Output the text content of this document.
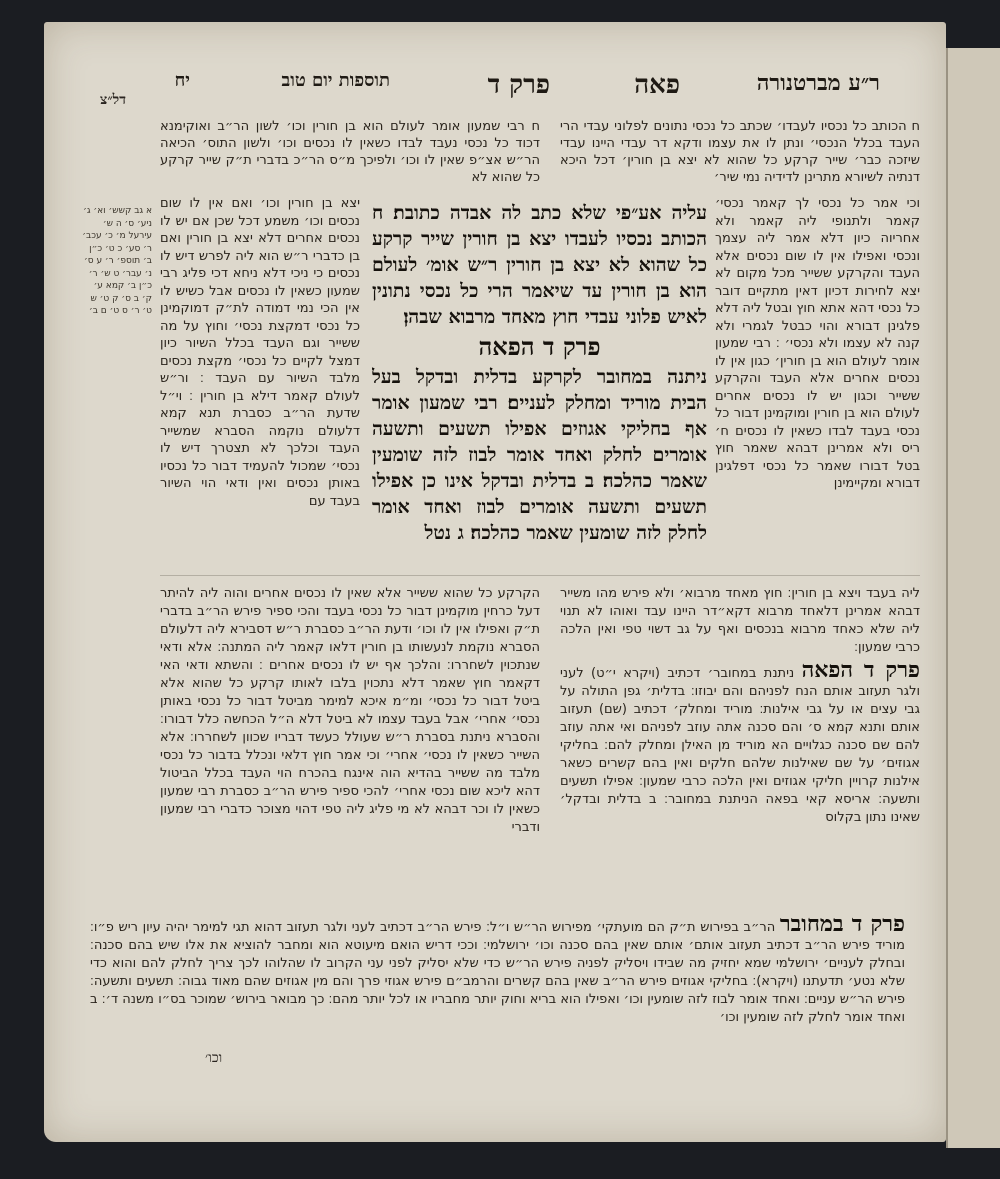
ר״ע מברטנורה
פאה
פרק ד
תוספות יום טוב
יח
דל״צ
ח הכותב כל נכסיו לעבדו׳ שכתב כל נכסי נתונים לפלוני עבדי הרי העבד בכלל הנכסי׳ ונתן לו את עצמו ודקא דר עבדי היינו עבדי שיזכה כבר׳ שייר קרקע כל שהוא לא יצא בן חורין׳ דכל היכא דנתיה לשיורא מתרינן לדידיה נמי שיר׳
ח רבי שמעון אומר לעולם הוא בן חורין וכו׳ לשון הר״ב ואוקימנא דכוד כל נכסי נעבד לבדו כשאין לו נכסים וכו׳ ולשון התוס׳ הכיאה הר״ש אצ״פ שאין לו וכו׳ ולפיכך מ״ס הר״כ בדברי ת״ק שייר קרקע כל שהוא לא
וכי אמר כל נכסי לך קאמר נכסי׳ קאמר ולתנופי ליה קאמר ולא אחריוה כיון דלא אמר ליה עצמך ונכסי ואפילו אין לו שום נכסים אלא העבד והקרקע ששייר מכל מקום לא יצא לחירות דכיון דאין מתקיים דובר כל נכסי דהא אתא חוץ ובטל ליה דלא פלגינן דבורא והוי כבטל לגמרי ולא קנה לא עצמו ולא נכסי׳ ׃ רבי שמעון אומר לעולם הוא בן חורין׳ כגון אין לו נכסים אחרים אלא העבד והקרקע ששייר וכגון יש לו נכסים אחרים לעולם הוא בן חורין ומוקמינן דבור כל נכסי בעבד לבדו כשאין לו נכסים ח׳ ריס ולא אמרינן דבהא שאמר חוץ בטל דבורו שאמר כל נכסי דפלגינן דבורא ומקיימינן
עליה אע״פי שלא כתב לה אבדה כתובת׃ ח הכותב נכסיו לעבדו יצא בן חורין שייר קרקע כל שהוא לא יצא בן חורין ר״ש אומ׳ לעולם הוא בן חורין עד שיאמר הרי כל נכסי נתונין לאיש פלוני עבדי חוץ מאחד מרבוא שבהן׃
פרק ד הפאה
ניתנה במחובר לקרקע בדלית ובדקל בעל הבית מוריד ומחלק לעניים׃ רבי שמעון אומר אף בחליקי אגוזים אפילו תשעים ותשעה אומרים לחלק ואחד אומר לבוז לזה שומעין שאמר כהלכה׃ ב בדלית ובדקל אינו כן אפילו תשעים ותשעה אומרים לבוז ואחד אומר לחלק לזה שומעין שאמר כהלכה׃ ג נטל
יצא בן חורין וכו׳ ואם אין לו שום נכסים וכו׳ משמע דכל שכן אם יש לו נכסים אחרים דלא יצא בן חורין ואם בן כדברי ר״ש הוא ליה לפרש דיש לו נכסים כי ניכי דלא ניחא דכי פליג רבי שמעון כשאין לו נכסים אבל כשיש לו אין הכי נמי דמודה לת״ק דמוקמינן כל נכסי דמקצת נכסי׳ וחוץ על מה ששייר וגם העבד בכלל השיור כיון דמצל לקיים כל נכסי׳ מקצת נכסים מלבד השיור עם העבד ׃ ור״ש לעולם קאמר דילא בן חורין ׃ וי״ל שדעת הר״ב כסברת תנא קמא דלעולם נוקמה הסברא שמשייר העבד וכלכך לא תצטרך דיש לו נכסי׳ שמכול להעמיד דבור כל נכסיו באותן נכסים ואין ודאי הוי השיור בעבד עם
א גב קשש׳ וא׳ ג׳ ניע׳ ס׳ ה ש׳ עירעל מ׳ כ׳ עכב׳ ר׳ סע׳ כ ט׳ כ״ן ב׳ תוספ׳ ר׳ ע ס׳ נ׳ עבר׳ ט ש׳ ר׳ כ״ן ב׳ קמא ע׳ ק׳ ב ס׳ ק ט׳ ש ט׳ ר׳ ס ט׳ ם ב׳

ליה בעבד ויצא בן חורין׃ חוץ מאחד מרבוא׳ ולא פירש מהו משייר דבהא אמרינן דלאחד מרבוא דקא״דר היינו עבד ואוהו לא תנוי ליה שלא כאחד מרבוא בנכסים ואף על גב דשוי טפי ואין הלכה כרבי שמעון׃

פרק ד הפאה ניתנת במחובר׳ דכתיב (ויקרא י״ט) לעני ולגר תעזוב אותם הנח לפניהם והם יבוזו׃ בדלית׳ גפן התולה על גבי עצים או על גבי אילנות׃ מוריד ומחלק׳ דכתיב (שם) תעזוב אותם ותנא קמא ס׳ והם סכנה אתה עוזב לפניהם ואי אתה עוזב להם שם סכנה כגלויים הא מוריד מן האילן ומחלק להם׃ בחליקי אגוזים׳ על שם שאילנות שלהם חלקים ואין בהם קשרים כשאר אילנות קרויין חליקי אגוזים ואין הלכה כרבי שמעון׃ אפילו תשעים ותשעה׃ אריסא קאי בפאה הניתנת במחובר׃ ב בדלית ובדקל׳ שאינו נתון בקלוס

הקרקע כל שהוא ששייר אלא שאין לו נכסים אחרים והוה ליה להיתר דעל כרחין מוקמינן דבור כל נכסי בעבד והכי ספיר פירש הר״ב בדברי ת״ק ואפילו אין לו וכו׳ ודעת הר״ב כסברת ר״ש דסבירא ליה דלעולם הסברא נוקמת לנעשותו בן חורין דלאו קאמר ליה המתנה׃ אלא ודאי שנתכוין לשחררו׃ והלכך אף יש לו נכסים אחרים ׃ והשתא ודאי האי דקאמר חוץ שאמר דלא נתכוין בלבו לאותו קרקע כל שהוא אלא ביטל דבור כל נכסי׳ ומ״מ איכא למימר מביטל דבור כל נכסי באותן נכסי׳ אחרי׳ אבל בעבד עצמו לא ביטל דלא ה״ל הכחשה כלל דבורו׃ והסברא ניתנת בסברת ר״ש שעולל כעשד דבריו שכוון לשחררו׃ אלא השייר כשאין לו נכסי׳ אחרי׳ וכי אמר חוץ דלאי ונכלל בדבור כל נכסי מלבד מה ששייר בהדיא הוה אינגח בהכרח הוי העבד בכלל הביטול דהא ליכא שום נכסי אחרי׳ להכי ספיר פירש הר״ב כסברת רבי שמעון כשאין לו וכר דבהא לא מי פליג ליה טפי דהוי מצוכר כדברי רבי שמעון ודברי
פרק ד במחובר הר״ב בפירוש ת״ק הם מועתקי׳ מפירוש הר״ש ו״ל׃ פירש הר״ב דכתיב לעני ולגר תעזוב דהוא תגי למימר יהיה עיון ריש פ״ו׃ מוריד פירש הר״ב דכתיב תעזוב אותם׳ אותם שאין בהם סכנה וכו׳ ירושלמי׃ וככי דריש הואם מיעוטא הוא ומחבר להוציא את אלו שיש בהם סכנה׃ ובחלק לעניים׳ ירושלמי שמא יחזיק מה שבידו ויסליק לפניה פירש הר״ש כדי שלא יסליק לפני עני הקרוב לו שהלוהו לכך צריך לחלק להם והוא כדי שלא נטע׳ תדעתנו (ויקרא)׃ בחליקי אגוזים פירש הר״ב שאין בהם קשרים והרמב״ם פירש אגוזי פרך והם מין אגוזים שהם מאוד גבוה׃ תשעים ותשעה׃ פירש הר״ש עניים׃ ואחד אומר לבוז לזה שומעין וכו׳ ואפילו הוא בריא וחוק יותר מחבריו או לכל יותר מהם׃ כך מבואר בירוש׳ שמוכר בס״ו משנה ד׳׃ ב ואחד אומר לחלק לזה שומעין וכו׳
וכו׳
